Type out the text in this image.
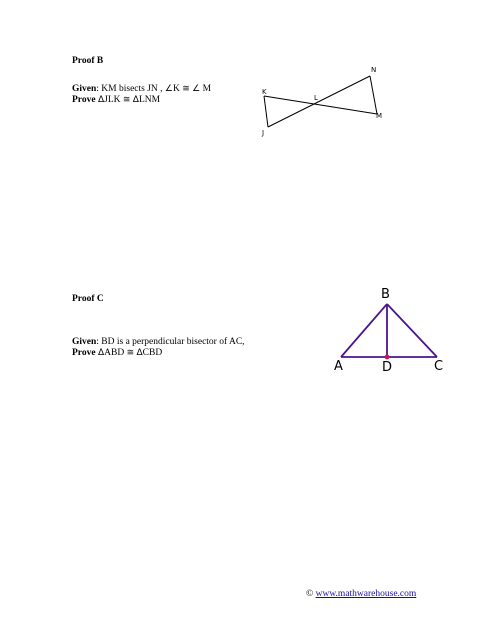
Proof B
Given: KM bisects JN , ∠K ≅ ∠ M
Prove ΔJLK ≅ ΔLNM
K
L
N
M
J
Proof C
Given: BD is a perpendicular bisector of AC,
Prove ΔABD ≅ ΔCBD
B
A	D	C
© www.mathwarehouse.com
